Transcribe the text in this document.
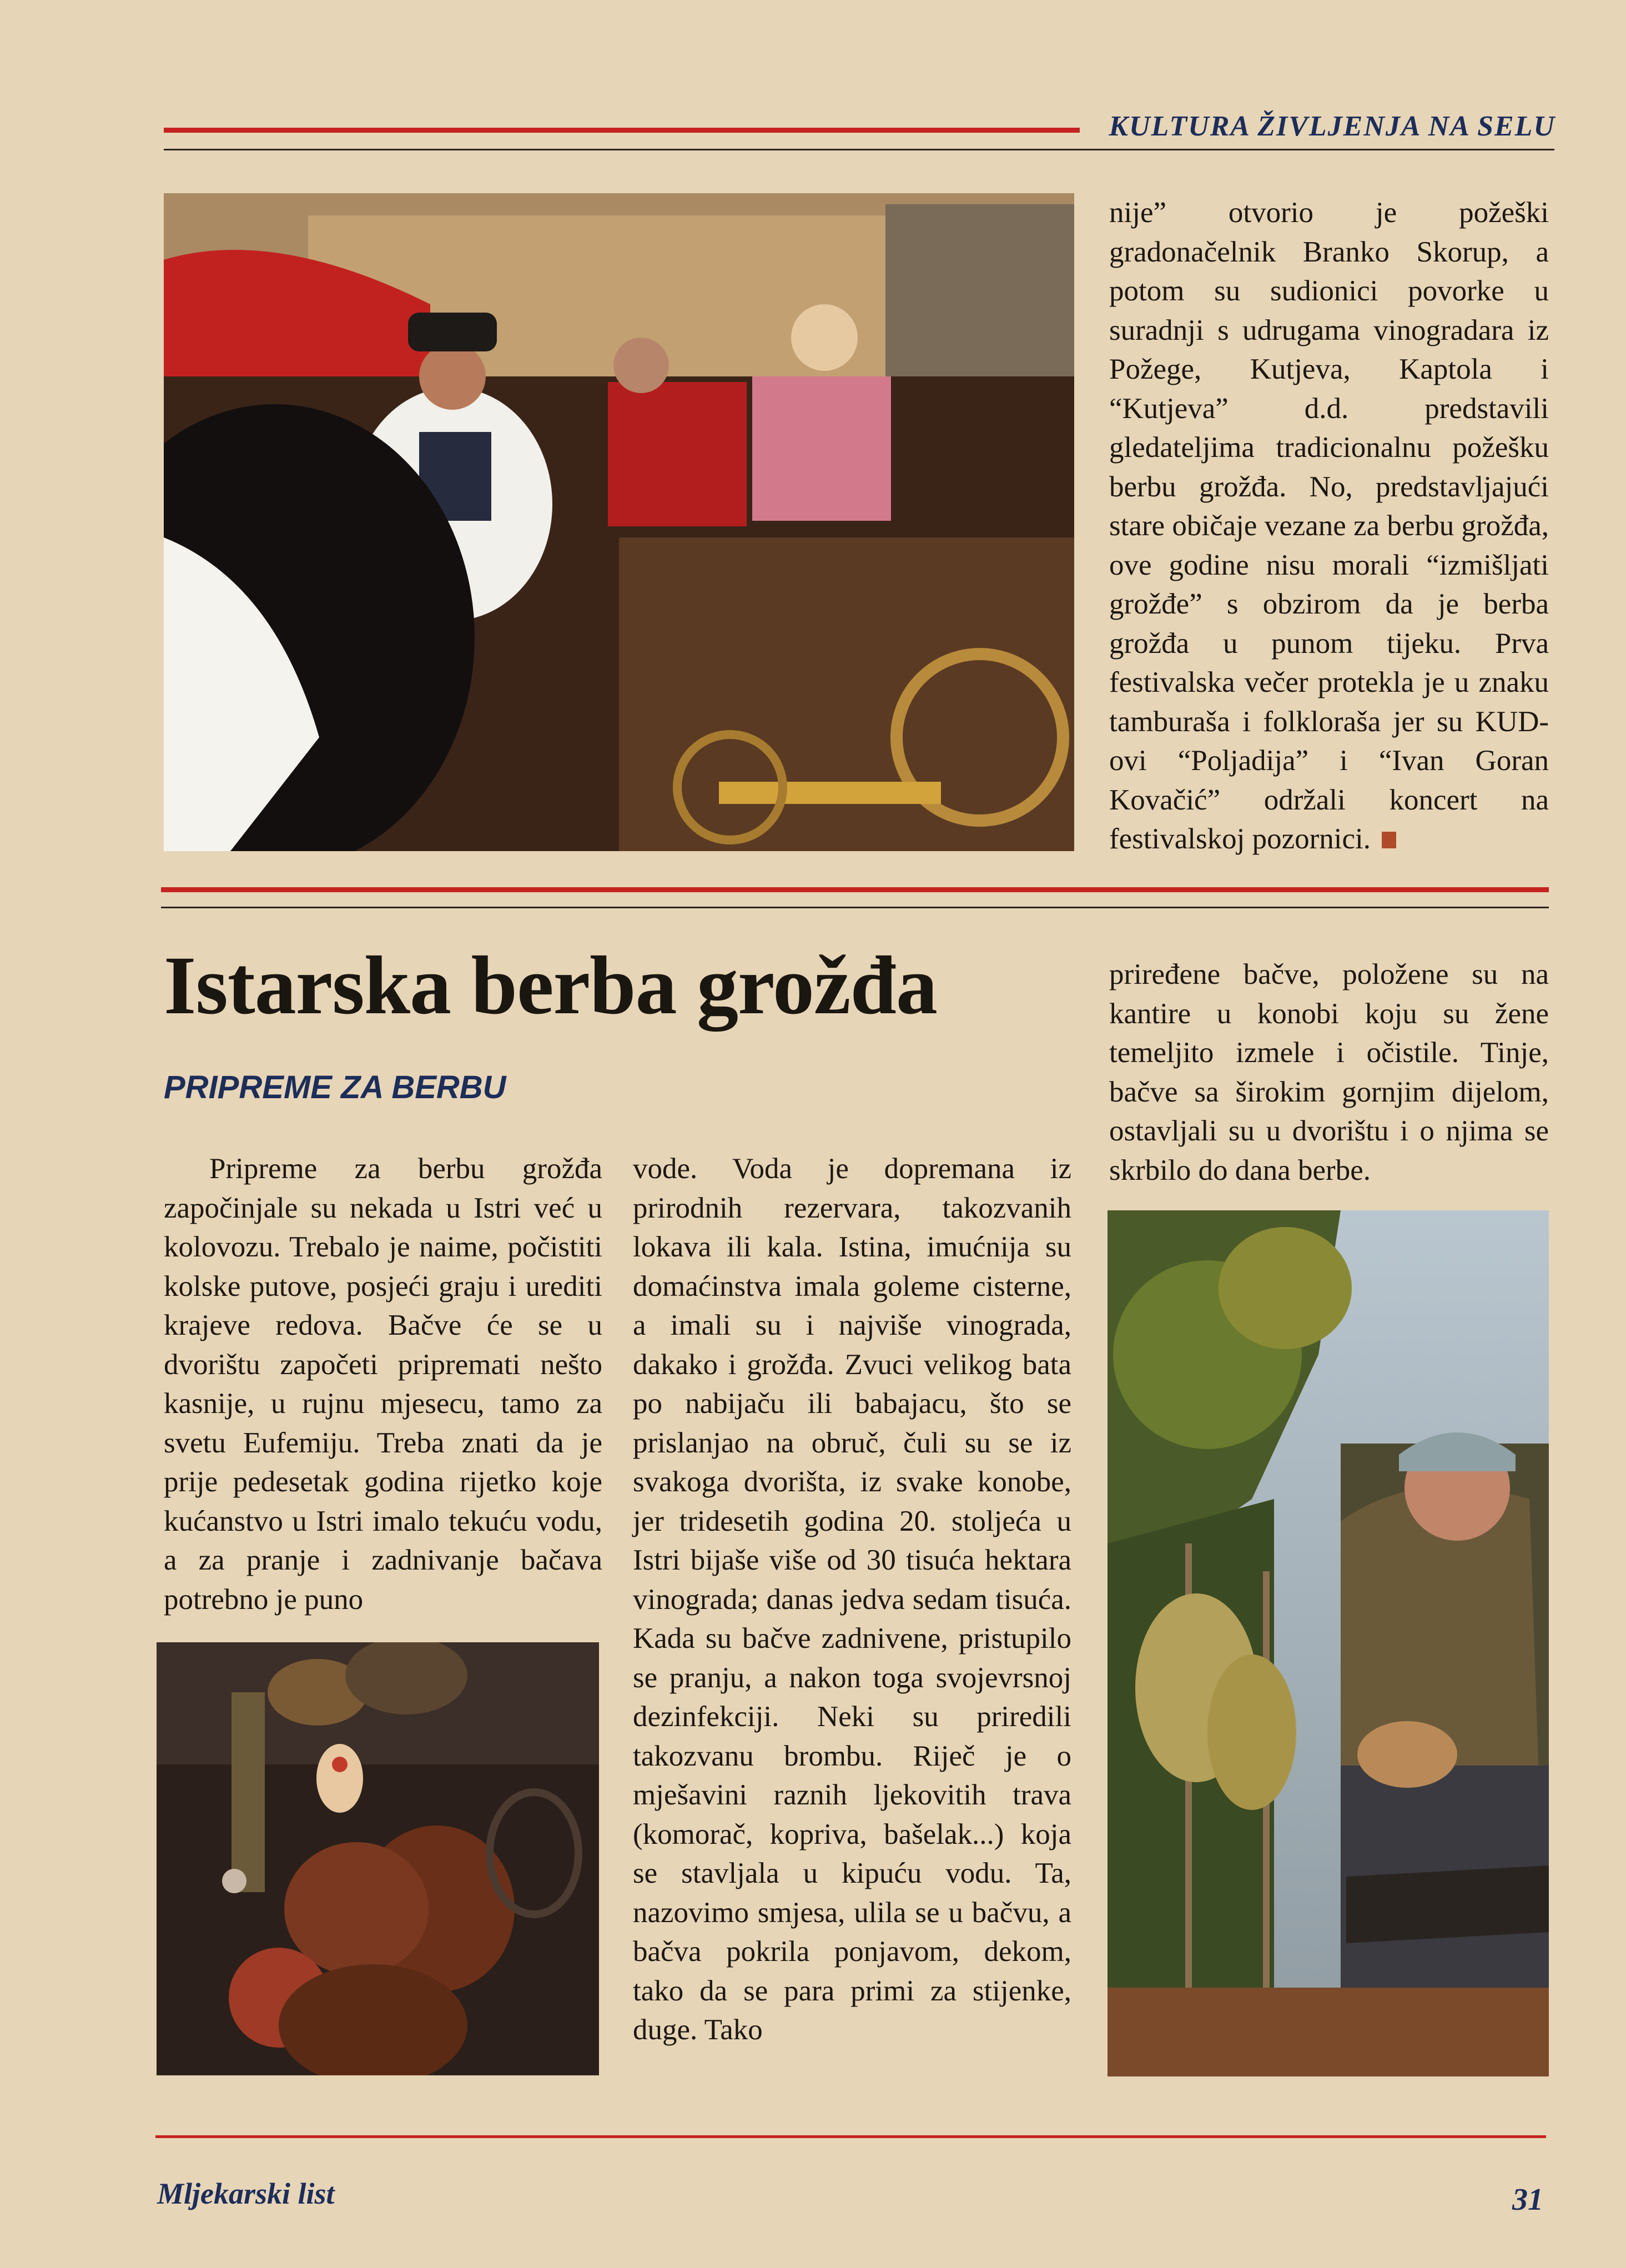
KULTURA ŽIVLJENJA NA SELU

nije” otvorio je požeški gradonačelnik Branko Skorup, a potom su sudionici povorke u suradnji s udrugama vinogradara iz Požege, Kutjeva, Kaptola i “Kutjeva” d.d. predstavili gledateljima tradicionalnu požešku berbu grožđa. No, predstavljajući stare običaje vezane za berbu grožđa, ove godine nisu morali “izmišljati grožđe” s obzirom da je berba grožđa u punom tijeku. Prva festivalska večer protekla je u znaku tamburaša i folkloraša jer su KUD-ovi “Poljadija” i “Ivan Goran Kovačić” održali koncert na festivalskoj pozornici.

Istarska berba grožđa
PRIPREME ZA BERBU

Pripreme za berbu grožđa započinjale su nekada u Istri već u kolovozu. Trebalo je naime, počistiti kolske putove, posjeći graju i urediti krajeve redova. Bačve će se u dvorištu započeti pripremati nešto kasnije, u rujnu mjesecu, tamo za svetu Eufemiju. Treba znati da je prije pedesetak godina rijetko koje kućanstvo u Istri imalo tekuću vodu, a za pranje i zadnivanje bačava potrebno je puno

vode. Voda je dopremana iz prirodnih rezervara, takozvanih lokava ili kala. Istina, imućnija su domaćinstva imala goleme cisterne, a imali su i najviše vinograda, dakako i grožđa. Zvuci velikog bata po nabijaču ili babajacu, što se prislanjao na obruč, čuli su se iz svakoga dvorišta, iz svake konobe, jer tridesetih godina 20. stoljeća u Istri bijaše više od 30 tisuća hektara vinograda; danas jedva sedam tisuća. Kada su bačve zadnivene, pristupilo se pranju, a nakon toga svojevrsnoj dezinfekciji. Neki su priredili takozvanu brombu. Riječ je o mješavini raznih ljekovitih trava (komorač, kopriva, bašelak...) koja se stavljala u kipuću vodu. Ta, nazovimo smjesa, ulila se u bačvu, a bačva pokrila ponjavom, dekom, tako da se para primi za stijenke, duge. Tako

priređene bačve, položene su na kantire u konobi koju su žene temeljito izmele i očistile. Tinje, bačve sa širokim gornjim dijelom, ostavljali su u dvorištu i o njima se skrbilo do dana berbe.

Mljekarski list	31
